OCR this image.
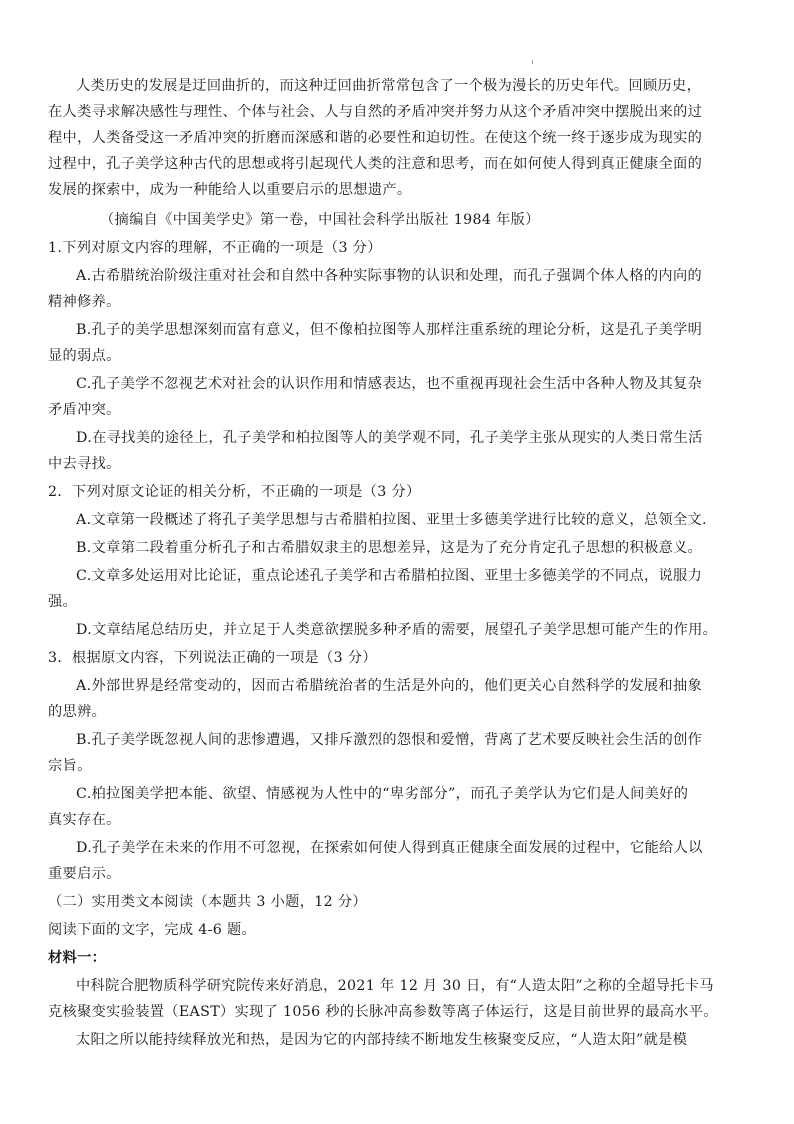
人类历史的发展是迂回曲折的，而这种迂回曲折常常包含了一个极为漫长的历史年代。回顾历史，
在人类寻求解决感性与理性、个体与社会、人与自然的矛盾冲突并努力从这个矛盾冲突中摆脱出来的过
程中，人类备受这一矛盾冲突的折磨而深感和谐的必要性和迫切性。在使这个统一终于逐步成为现实的
过程中，孔子美学这种古代的思想或将引起现代人类的注意和思考，而在如何使人得到真正健康全面的
发展的探索中，成为一种能给人以重要启示的思想遗产。
（摘编自《中国美学史》第一卷，中国社会科学出版社 1984 年版）
1.下列对原文内容的理解，不正确的一项是（3 分）
A.古希腊统治阶级注重对社会和自然中各种实际事物的认识和处理，而孔子强调个体人格的内向的
精神修养。
B.孔子的美学思想深刻而富有意义，但不像柏拉图等人那样注重系统的理论分析，这是孔子美学明
显的弱点。
C.孔子美学不忽视艺术对社会的认识作用和情感表达，也不重视再现社会生活中各种人物及其复杂
矛盾冲突。
D.在寻找美的途径上，孔子美学和柏拉图等人的美学观不同，孔子美学主张从现实的人类日常生活
中去寻找。
2．下列对原文论证的相关分析，不正确的一项是（3 分）
A.文章第一段概述了将孔子美学思想与古希腊柏拉图、亚里士多德美学进行比较的意义，总领全文.
B.文章第二段着重分析孔子和古希腊奴隶主的思想差异，这是为了充分肯定孔子思想的积极意义。
C.文章多处运用对比论证，重点论述孔子美学和古希腊柏拉图、亚里士多德美学的不同点，说服力
强。
D.文章结尾总结历史，并立足于人类意欲摆脱多种矛盾的需要，展望孔子美学思想可能产生的作用。
3．根据原文内容，下列说法正确的一项是（3 分）
A.外部世界是经常变动的，因而古希腊统治者的生活是外向的，他们更关心自然科学的发展和抽象
的思辨。
B.孔子美学既忽视人间的悲惨遭遇，又排斥激烈的怨恨和爱憎，背离了艺术要反映社会生活的创作
宗旨。
C.柏拉图美学把本能、欲望、情感视为人性中的“卑劣部分”，而孔子美学认为它们是人间美好的
真实存在。
D.孔子美学在未来的作用不可忽视，在探索如何使人得到真正健康全面发展的过程中，它能给人以
重要启示。
（二）实用类文本阅读（本题共 3 小题，12 分）
阅读下面的文字，完成 4-6 题。
材料一：
中科院合肥物质科学研究院传来好消息，2021 年 12 月 30 日，有“人造太阳”之称的全超导托卡马
克核聚变实验装置（EAST）实现了 1056 秒的长脉冲高参数等离子体运行，这是目前世界的最高水平。
太阳之所以能持续释放光和热，是因为它的内部持续不断地发生核聚变反应，“人造太阳”就是模
